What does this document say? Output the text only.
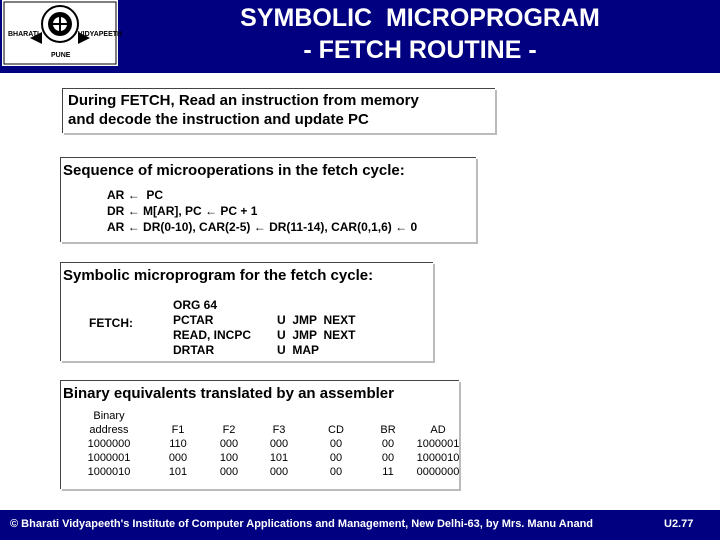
BHARATI	VIDYAPEETH
PUNE
SYMBOLIC  MICROPROGRAM
- FETCH ROUTINE -
During FETCH, Read an instruction from memory
and decode the instruction and update PC
Sequence of microoperations in the fetch cycle:
AR ← PC
DR ← M[AR], PC ← PC + 1
AR ← DR(0-10), CAR(2-5) ← DR(11-14), CAR(0,1,6) ← 0
Symbolic microprogram for the fetch cycle:
FETCH:
ORG 64
PCTAR
READ, INCPC
DRTAR
U  JMP  NEXT
U  JMP  NEXT
U  MAP
Binary equivalents translated by an assembler
Binary
address
1000000
1000001
1000010
F1
110
000
101
F2
000
100
000
F3
000
101
000
CD
00
00
00
BR
00
00
11
AD
1000001
1000010
0000000
© Bharati Vidyapeeth's Institute of Computer Applications and Management, New Delhi-63, by Mrs. Manu Anand	U2.77
